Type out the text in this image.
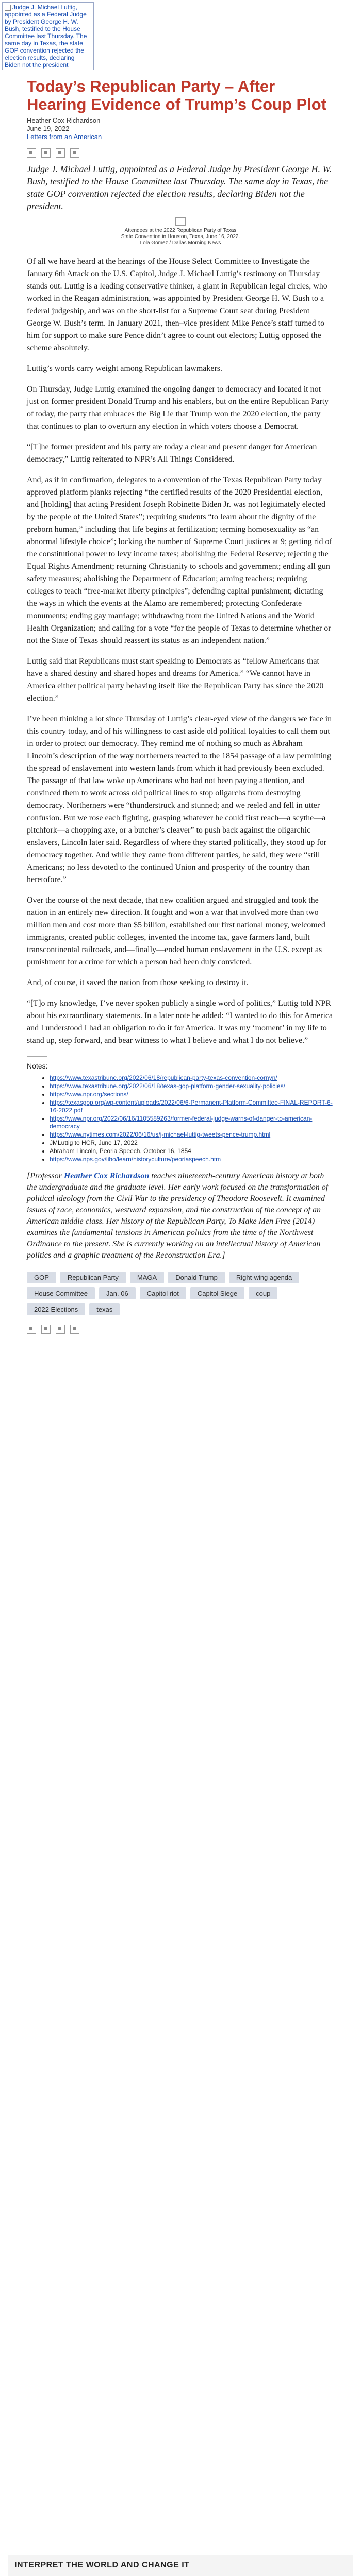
Judge J. Michael Luttig, appointed as a Federal Judge by President George H. W. Bush, testified to the House Committee last Thursday. The same day in Texas, the state GOP convention rejected the election results, declaring Biden not the president
Today’s Republican Party – After Hearing Evidence of Trump’s Coup Plot
Heather Cox Richardson
June 19, 2022
Letters from an American

Judge J. Michael Luttig, appointed as a Federal Judge by President George H. W. Bush, testified to the House Committee last Thursday. The same day in Texas, the state GOP convention rejected the election results, declaring Biden not the president.

Attendees at the 2022 Republican Party of Texas
State Convention in Houston, Texas, June 16, 2022.
Lola Gomez / Dallas Morning News

Of all we have heard at the hearings of the House Select Committee to Investigate the January 6th Attack on the U.S. Capitol, Judge J. Michael Luttig’s testimony on Thursday stands out. Luttig is a leading conservative thinker, a giant in Republican legal circles, who worked in the Reagan administration, was appointed by President George H. W. Bush to a federal judgeship, and was on the short-list for a Supreme Court seat during President George W. Bush’s term. In January 2021, then–vice president Mike Pence’s staff turned to him for support to make sure Pence didn’t agree to count out electors; Luttig opposed the scheme absolutely.

Luttig’s words carry weight among Republican lawmakers.

On Thursday, Judge Luttig examined the ongoing danger to democracy and located it not just on former president Donald Trump and his enablers, but on the entire Republican Party of today, the party that embraces the Big Lie that Trump won the 2020 election, the party that continues to plan to overturn any election in which voters choose a Democrat.

“[T]he former president and his party are today a clear and present danger for American democracy,” Luttig reiterated to NPR’s All Things Considered.

And, as if in confirmation, delegates to a convention of the Texas Republican Party today approved platform planks rejecting “the certified results of the 2020 Presidential election, and [holding] that acting President Joseph Robinette Biden Jr. was not legitimately elected by the people of the United States”; requiring students “to learn about the dignity of the preborn human,” including that life begins at fertilization; terming homosexuality as “an abnormal lifestyle choice”; locking the number of Supreme Court justices at 9; getting rid of the constitutional power to levy income taxes; abolishing the Federal Reserve; rejecting the Equal Rights Amendment; returning Christianity to schools and government; ending all gun safety measures; abolishing the Department of Education; arming teachers; requiring colleges to teach “free-market liberty principles”; defending capital punishment; dictating the ways in which the events at the Alamo are remembered; protecting Confederate monuments; ending gay marriage; withdrawing from the United Nations and the World Health Organization; and calling for a vote “for the people of Texas to determine whether or not the State of Texas should reassert its status as an independent nation.”

Luttig said that Republicans must start speaking to Democrats as “fellow Americans that have a shared destiny and shared hopes and dreams for America.” “We cannot have in America either political party behaving itself like the Republican Party has since the 2020 election.”

I’ve been thinking a lot since Thursday of Luttig’s clear-eyed view of the dangers we face in this country today, and of his willingness to cast aside old political loyalties to call them out in order to protect our democracy. They remind me of nothing so much as Abraham Lincoln’s description of the way northerners reacted to the 1854 passage of a law permitting the spread of enslavement into western lands from which it had previously been excluded. The passage of that law woke up Americans who had not been paying attention, and convinced them to work across old political lines to stop oligarchs from destroying democracy. Northerners were “thunderstruck and stunned; and we reeled and fell in utter confusion. But we rose each fighting, grasping whatever he could first reach—a scythe—a pitchfork—a chopping axe, or a butcher’s cleaver” to push back against the oligarchic enslavers, Lincoln later said. Regardless of where they started politically, they stood up for democracy together. And while they came from different parties, he said, they were “still Americans; no less devoted to the continued Union and prosperity of the country than heretofore.”

Over the course of the next decade, that new coalition argued and struggled and took the nation in an entirely new direction. It fought and won a war that involved more than two million men and cost more than $5 billion, established our first national money, welcomed immigrants, created public colleges, invented the income tax, gave farmers land, built transcontinental railroads, and—finally—ended human enslavement in the U.S. except as punishment for a crime for which a person had been duly convicted.

And, of course, it saved the nation from those seeking to destroy it.

“[T]o my knowledge, I’ve never spoken publicly a single word of politics,” Luttig told NPR about his extraordinary statements. In a later note he added: “I wanted to do this for America and I understood I had an obligation to do it for America. It was my ‘moment’ in my life to stand up, step forward, and bear witness to what I believe and what I do not believe.”

Notes:
• https://www.texastribune.org/2022/06/18/republican-party-texas-convention-cornyn/
• https://www.texastribune.org/2022/06/18/texas-gop-platform-gender-sexuality-policies/
• https://www.npr.org/sections/
• https://texasgop.org/wp-content/uploads/2022/06/6-Permanent-Platform-Committee-FINAL-REPORT-6-16-2022.pdf
• https://www.npr.org/2022/06/16/1105589263/former-federal-judge-warns-of-danger-to-american-democracy
• https://www.nytimes.com/2022/06/16/us/j-michael-luttig-tweets-pence-trump.html
• JMLuttig to HCR, June 17, 2022
• Abraham Lincoln, Peoria Speech, October 16, 1854
• https://www.nps.gov/liho/learn/historyculture/peoriaspeech.htm

[Professor Heather Cox Richardson teaches nineteenth-century American history at both the undergraduate and the graduate level. Her early work focused on the transformation of political ideology from the Civil War to the presidency of Theodore Roosevelt. It examined issues of race, economics, westward expansion, and the construction of the concept of an American middle class. Her history of the Republican Party, To Make Men Free (2014) examines the fundamental tensions in American politics from the time of the Northwest Ordinance to the present. She is currently working on an intellectual history of American politics and a graphic treatment of the Reconstruction Era.]

GOP	Republican Party	MAGA	Donald Trump	Right-wing agenda
House Committee	Jan. 06	Capitol riot	Capitol Siege	coup
2022 Elections	texas
INTERPRET THE WORLD AND CHANGE IT
